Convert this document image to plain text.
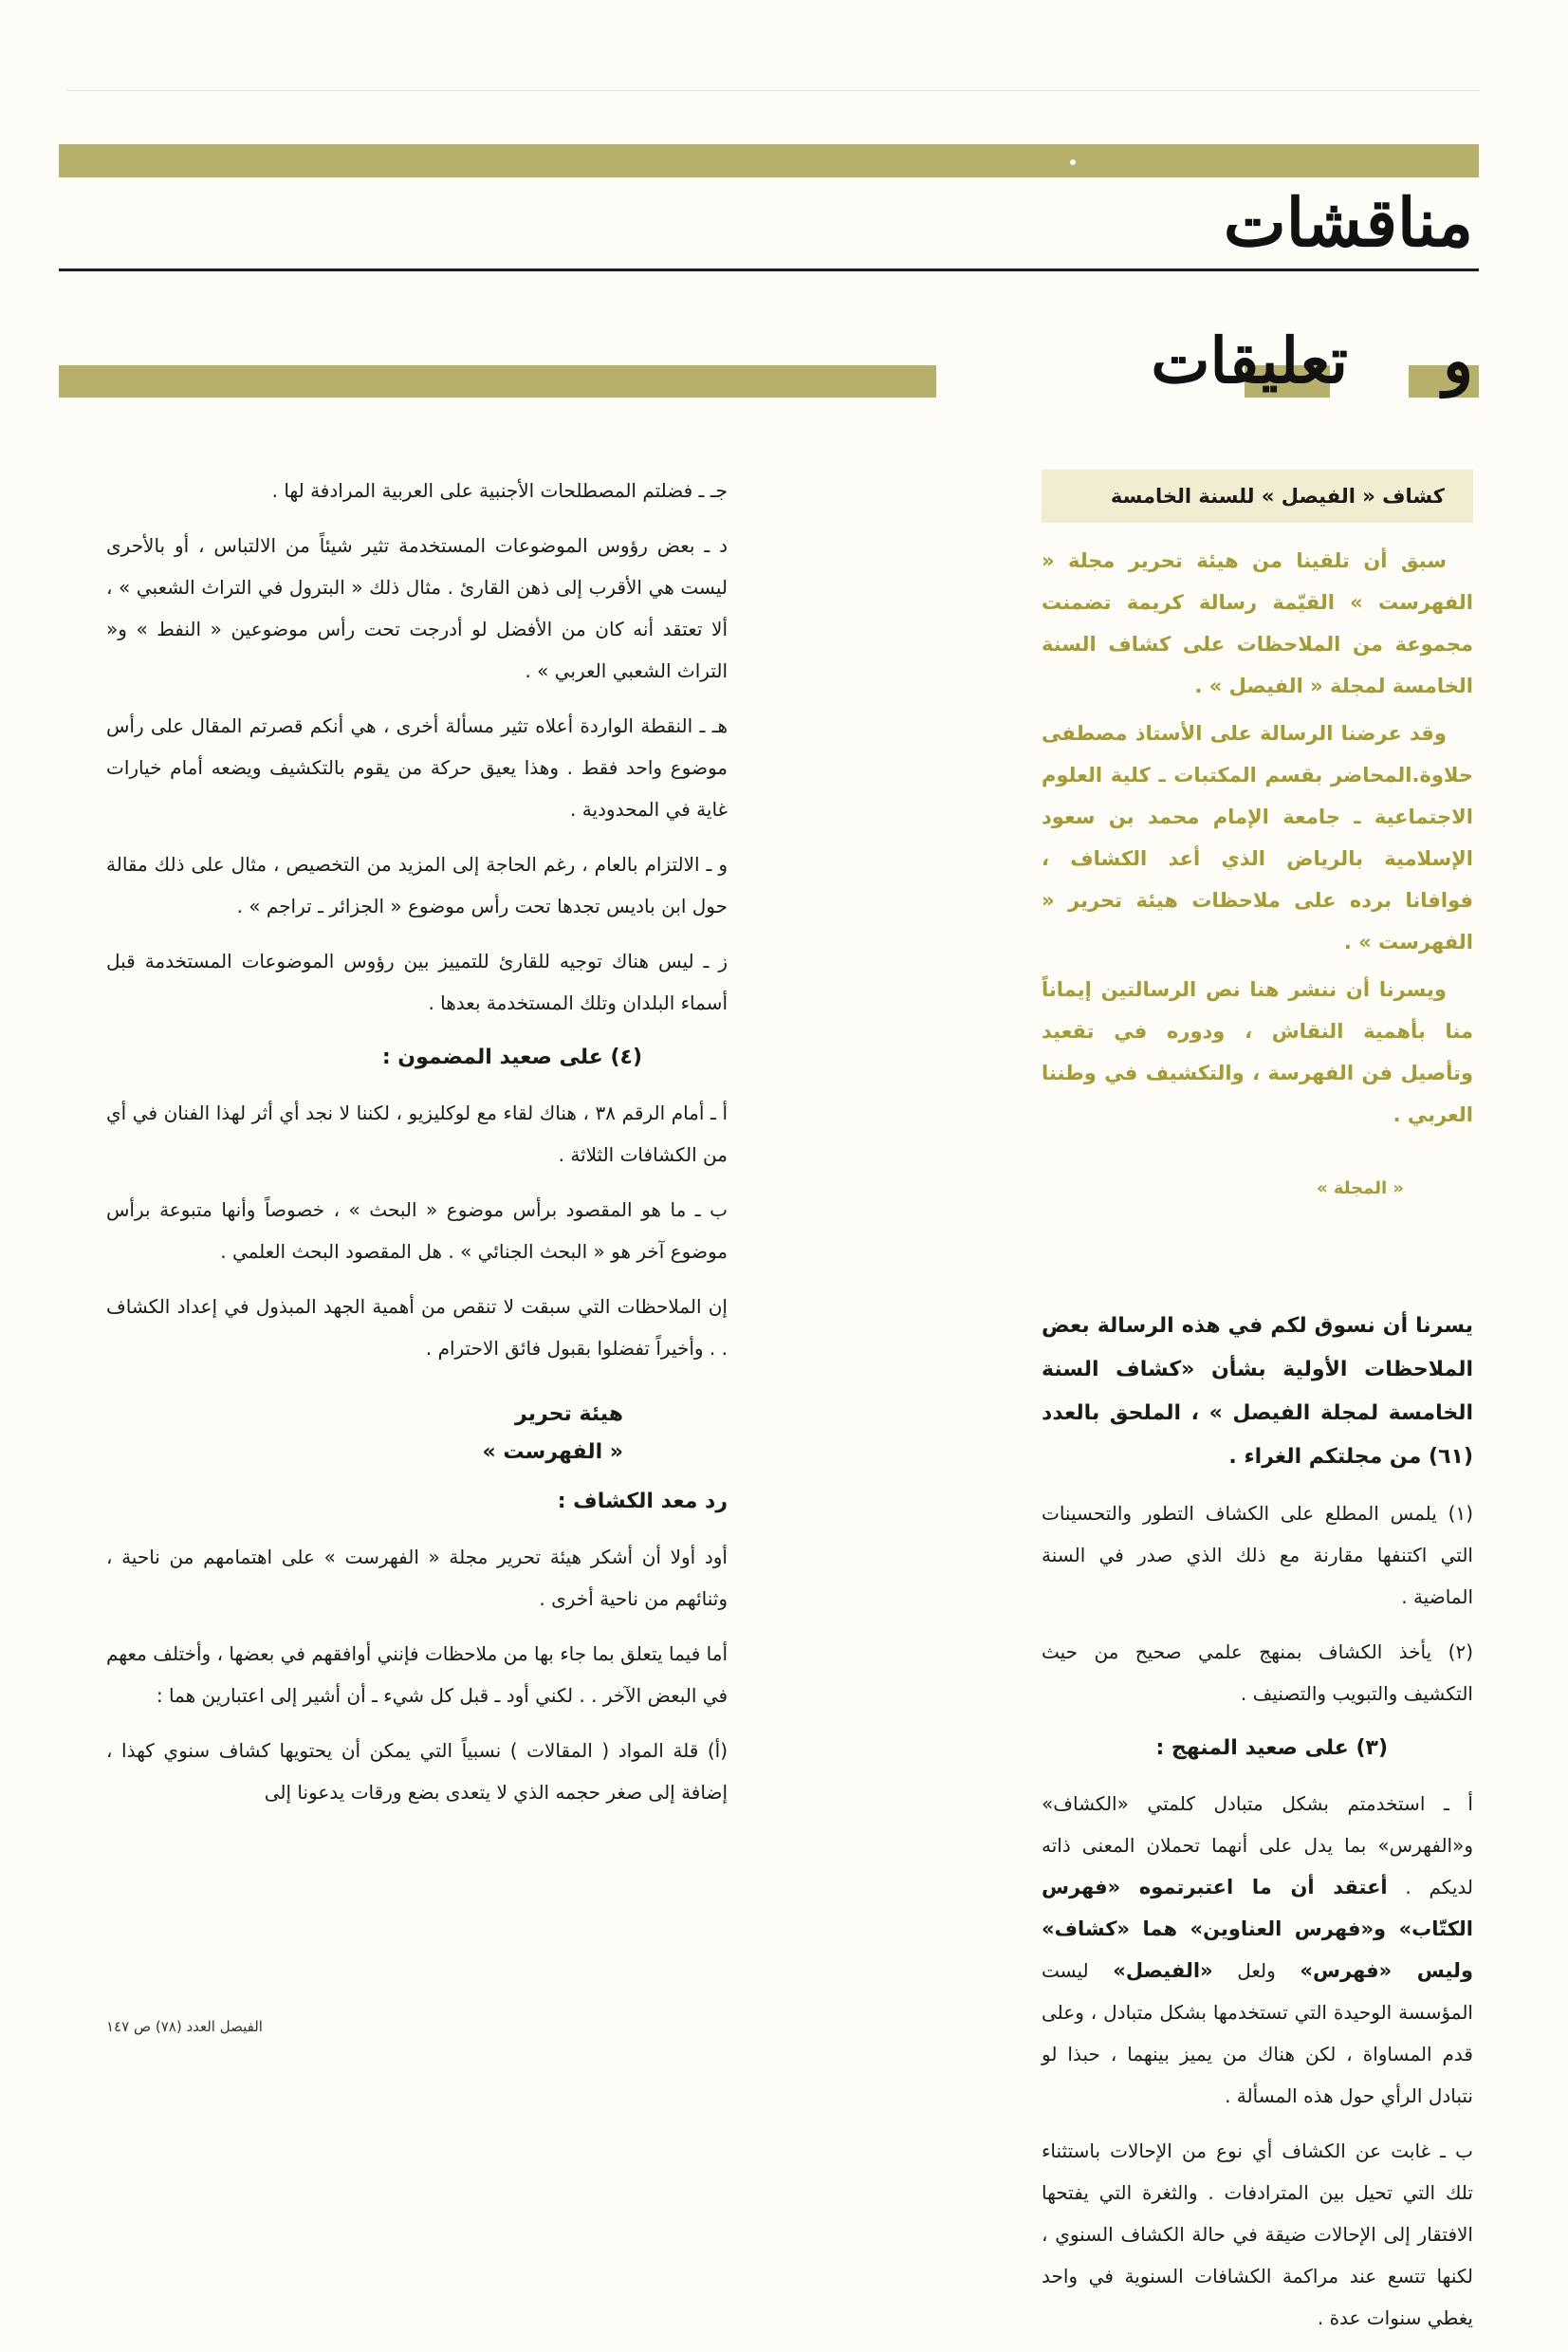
مناقشات
تعليقات و

كشاف « الفيصل » للسنة الخامسة

سبق أن تلقينا من هيئة تحرير مجلة « الفهرست » القيّمة رسالة كريمة تضمنت مجموعة من الملاحظات على كشاف السنة الخامسة لمجلة « الفيصل » .

وقد عرضنا الرسالة على الأستاذ مصطفى حلاوة.المحاضر بقسم المكتبات ـ كلية العلوم الاجتماعية ـ جامعة الإمام محمد بن سعود الإسلامية بالرياض الذي أعد الكشاف ، فوافانا برده على ملاحظات هيئة تحرير « الفهرست » .

ويسرنا أن ننشر هنا نص الرسالتين إيماناً منا بأهمية النقاش ، ودوره في تقعيد وتأصيل فن الفهرسة ، والتكشيف في وطننا العربي .

« المجلة »

يسرنا أن نسوق لكم في هذه الرسالة بعض الملاحظات الأولية بشأن «كشاف السنة الخامسة لمجلة الفيصل » ، الملحق بالعدد (٦١) من مجلتكم الغراء .

(١) يلمس المطلع على الكشاف التطور والتحسينات التي اكتنفها مقارنة مع ذلك الذي صدر في السنة الماضية .

(٢) يأخذ الكشاف بمنهج علمي صحيح من حيث التكشيف والتبويب والتصنيف .

(٣) على صعيد المنهج :

أ ـ استخدمتم بشكل متبادل كلمتي «الكشاف» و«الفهرس» بما يدل على أنهما تحملان المعنى ذاته لديكم . أعتقد أن ما اعتبرتموه «فهرس الكتّاب» و«فهرس العناوين» هما «كشاف» وليس «فهرس» ولعل «الفيصل» ليست المؤسسة الوحيدة التي تستخدمها بشكل متبادل ، وعلى قدم المساواة ، لكن هناك من يميز بينهما ، حبذا لو نتبادل الرأي حول هذه المسألة .

ب ـ غابت عن الكشاف أي نوع من الإحالات باستثناء تلك التي تحيل بين المترادفات . والثغرة التي يفتحها الافتقار إلى الإحالات ضيقة في حالة الكشاف السنوي ، لكنها تتسع عند مراكمة الكشافات السنوية في واحد يغطي سنوات عدة .

جـ ـ فضلتم المصطلحات الأجنبية على العربية المرادفة لها .

د ـ بعض رؤوس الموضوعات المستخدمة تثير شيئاً من الالتباس ، أو بالأحرى ليست هي الأقرب إلى ذهن القارئ . مثال ذلك « البترول في التراث الشعبي » ، ألا تعتقد أنه كان من الأفضل لو أدرجت تحت رأس موضوعين « النفط » و« التراث الشعبي العربي » .

هـ ـ النقطة الواردة أعلاه تثير مسألة أخرى ، هي أنكم قصرتم المقال على رأس موضوع واحد فقط . وهذا يعيق حركة من يقوم بالتكشيف ويضعه أمام خيارات غاية في المحدودية .

و ـ الالتزام بالعام ، رغم الحاجة إلى المزيد من التخصيص ، مثال على ذلك مقالة حول ابن باديس تجدها تحت رأس موضوع « الجزائر ـ تراجم » .

ز ـ ليس هناك توجيه للقارئ للتمييز بين رؤوس الموضوعات المستخدمة قبل أسماء البلدان وتلك المستخدمة بعدها .

(٤) على صعيد المضمون :

أ ـ أمام الرقم ٣٨ ، هناك لقاء مع لوكليزيو ، لكننا لا نجد أي أثر لهذا الفنان في أي من الكشافات الثلاثة .

ب ـ ما هو المقصود برأس موضوع « البحث » ، خصوصاً وأنها متبوعة برأس موضوع آخر هو « البحث الجنائي » . هل المقصود البحث العلمي .

إن الملاحظات التي سبقت لا تنقص من أهمية الجهد المبذول في إعداد الكشاف . . وأخيراً تفضلوا بقبول فائق الاحترام .

هيئة تحرير
« الفهرست »

رد معد الكشاف :

أود أولا أن أشكر هيئة تحرير مجلة « الفهرست » على اهتمامهم من ناحية ، وثنائهم من ناحية أخرى .

أما فيما يتعلق بما جاء بها من ملاحظات فإنني أوافقهم في بعضها ، وأختلف معهم في البعض الآخر . . لكني أود ـ قبل كل شيء ـ أن أشير إلى اعتبارين هما :

(أ) قلة المواد ( المقالات ) نسبياً التي يمكن أن يحتويها كشاف سنوي كهذا ، إضافة إلى صغر حجمه الذي لا يتعدى بضع ورقات يدعونا إلى

الفيصل العدد (٧٨) ص ١٤٧
